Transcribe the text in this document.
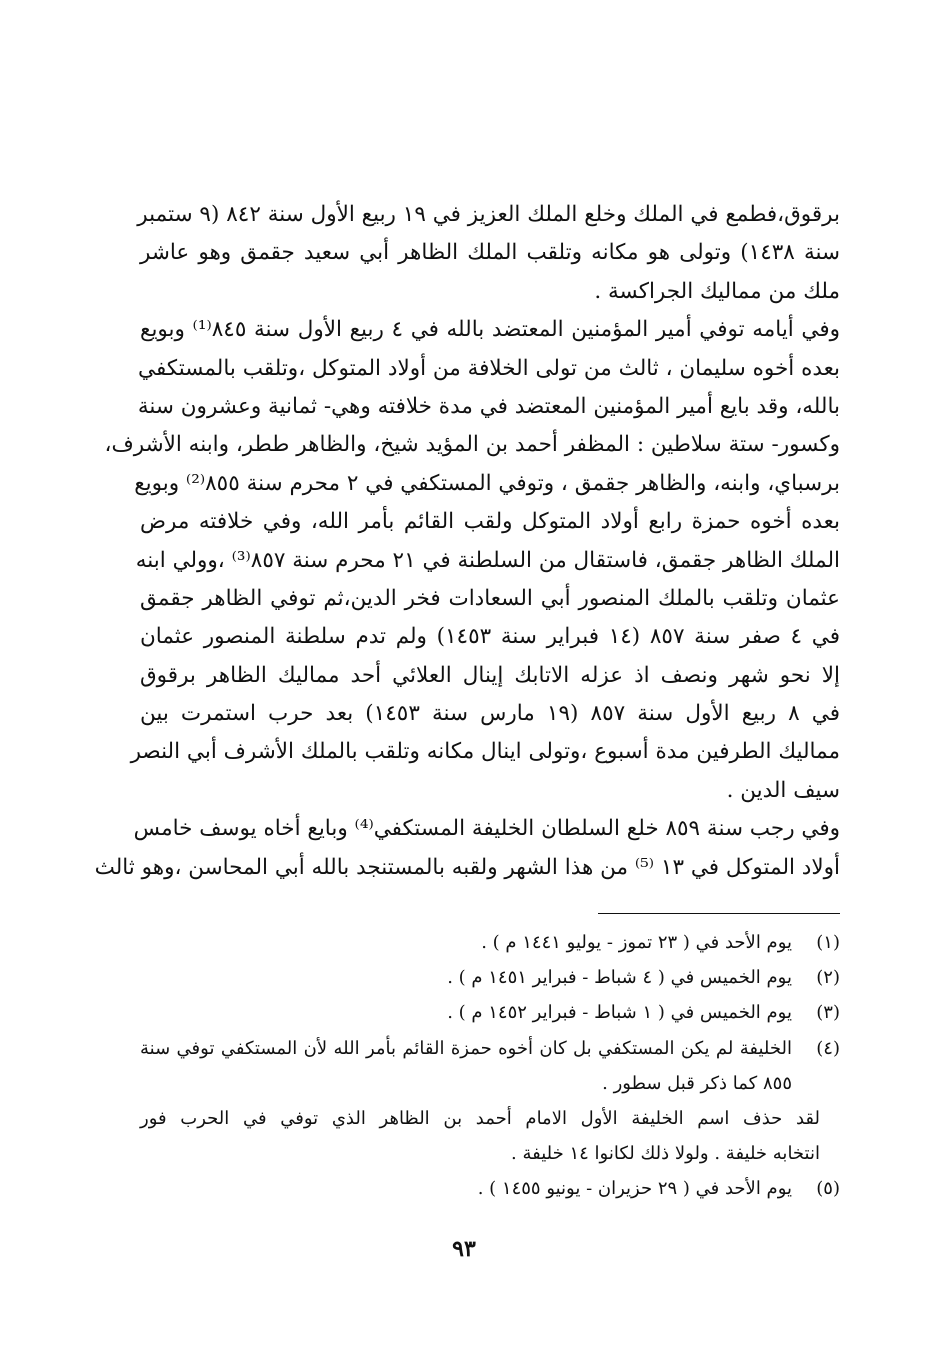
برقوق،فطمع في الملك وخلع الملك العزيز في ١٩ ربيع الأول سنة ٨٤٢ (٩ ستمبر
سنة ١٤٣٨) وتولى هو مكانه وتلقب الملك الظاهر أبي سعيد جقمق وهو عاشر
ملك من مماليك الجراكسة .
وفي أيامه توفي أمير المؤمنين المعتضد بالله في ٤ ربيع الأول سنة ٨٤٥⁽¹⁾ وبويع
بعده أخوه سليمان ، ثالث من تولى الخلافة من أولاد المتوكل ،وتلقب بالمستكفي
بالله، وقد بايع أمير المؤمنين المعتضد في مدة خلافته وهي- ثمانية وعشرون سنة
وكسور- ستة سلاطين : المظفر أحمد بن المؤيد شيخ، والظاهر ططر، وابنه الأشرف،
برسباي، وابنه، والظاهر جقمق ، وتوفي المستكفي في ٢ محرم سنة ٨٥٥⁽²⁾ وبويع
بعده أخوه حمزة رابع أولاد المتوكل ولقب القائم بأمر الله، وفي خلافته مرض
الملك الظاهر جقمق، فاستقال من السلطنة في ٢١ محرم سنة ٨٥٧⁽³⁾ ،وولي ابنه
عثمان وتلقب بالملك المنصور أبي السعادات فخر الدين،ثم توفي الظاهر جقمق
في ٤ صفر سنة ٨٥٧ (١٤ فبراير سنة ١٤٥٣) ولم تدم سلطنة المنصور عثمان
إلا نحو شهر ونصف اذ عزله الاتابك إينال العلائي أحد مماليك الظاهر برقوق
في ٨ ربيع الأول سنة ٨٥٧ (١٩ مارس سنة ١٤٥٣) بعد حرب استمرت بين
مماليك الطرفين مدة أسبوع ،وتولى اينال مكانه وتلقب بالملك الأشرف أبي النصر
سيف الدين .
وفي رجب سنة ٨٥٩ خلع السلطان الخليفة المستكفي⁽⁴⁾ وبايع أخاه يوسف خامس
أولاد المتوكل في ١٣ ⁽⁵⁾ من هذا الشهر ولقبه بالمستنجد بالله أبي المحاسن ،وهو ثالث
(١)
يوم الأحد في ( ٢٣ تموز - يوليو ١٤٤١ م ) .
(٢)
يوم الخميس في ( ٤ شباط - فبراير ١٤٥١ م ) .
(٣)
يوم الخميس في ( ١ شباط - فبراير ١٤٥٢ م ) .
(٤)
الخليفة لم يكن المستكفي بل كان أخوه حمزة القائم بأمر الله لأن المستكفي توفي سنة
٨٥٥ كما ذكر قبل سطور .
لقد حذف اسم الخليفة الأول الامام أحمد بن الظاهر الذي توفي في الحرب فور
انتخابه خليفة . ولولا ذلك لكانوا ١٤ خليفة .
(٥)
يوم الأحد في ( ٢٩ حزيران - يونيو ١٤٥٥ ) .
٩٣
